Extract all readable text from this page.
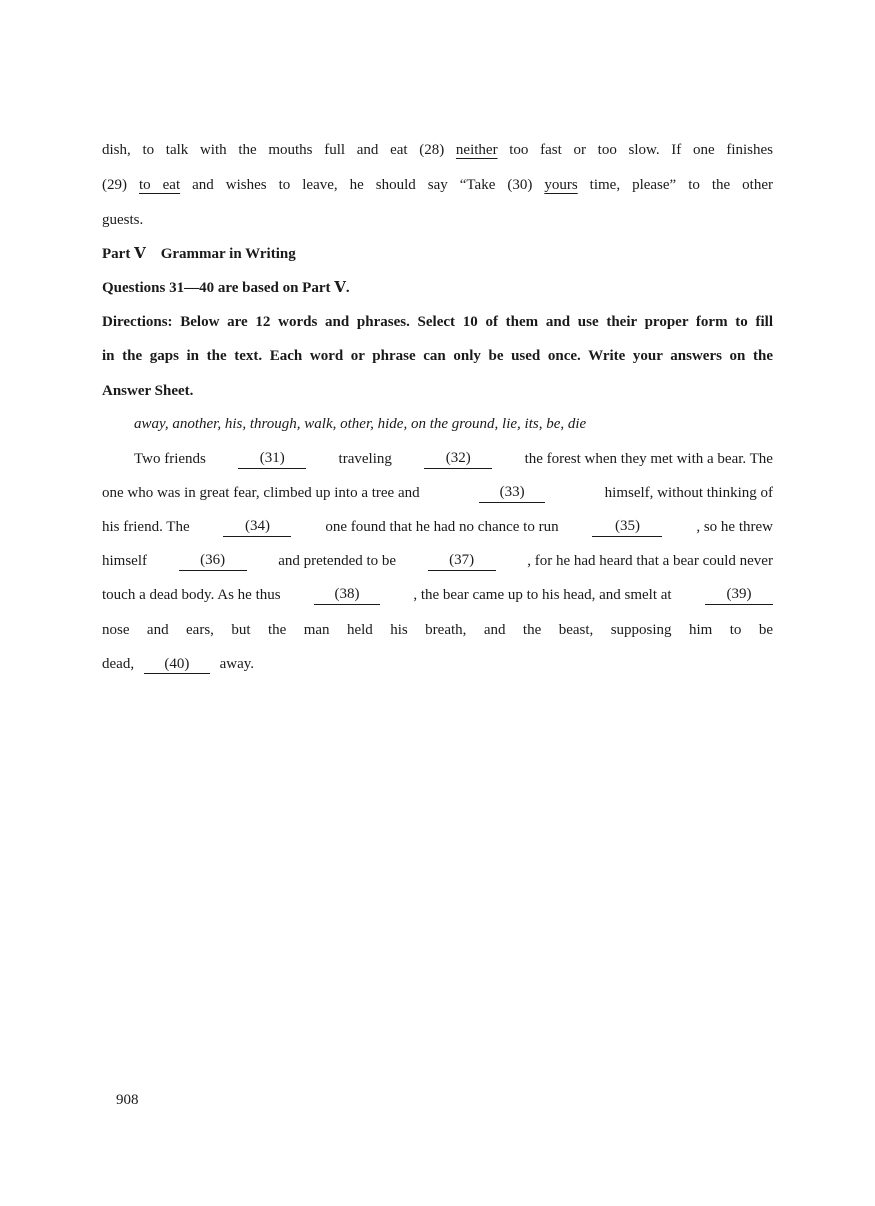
dish, to talk with the mouths full and eat (28) neither too fast or too slow. If one finishes
(29) to eat and wishes to leave, he should say “Take (30) yours time, please” to the other
guests.
Part Ⅴ    Grammar in Writing
Questions 31—40 are based on Part Ⅴ.
Directions: Below are 12 words and phrases. Select 10 of them and use their proper form to fill
in the gaps in the text. Each word or phrase can only be used once. Write your answers on the
Answer Sheet.
away, another, his, through, walk, other, hide, on the ground, lie, its, be, die
Two friends	(31)	traveling	(32)	the forest when they met with a bear. The
one who was in great fear, climbed up into a tree and	(33)	himself, without thinking of
his friend. The	(34)	one found that he had no chance to run	(35)	, so he threw
himself	(36)	and pretended to be	(37)	, for he had heard that a bear could never
touch a dead body. As he thus	(38)	, the bear came up to his head, and smelt at	(39)
nose and ears, but the man held his breath, and the beast, supposing him to be
dead, (40) away.
908
